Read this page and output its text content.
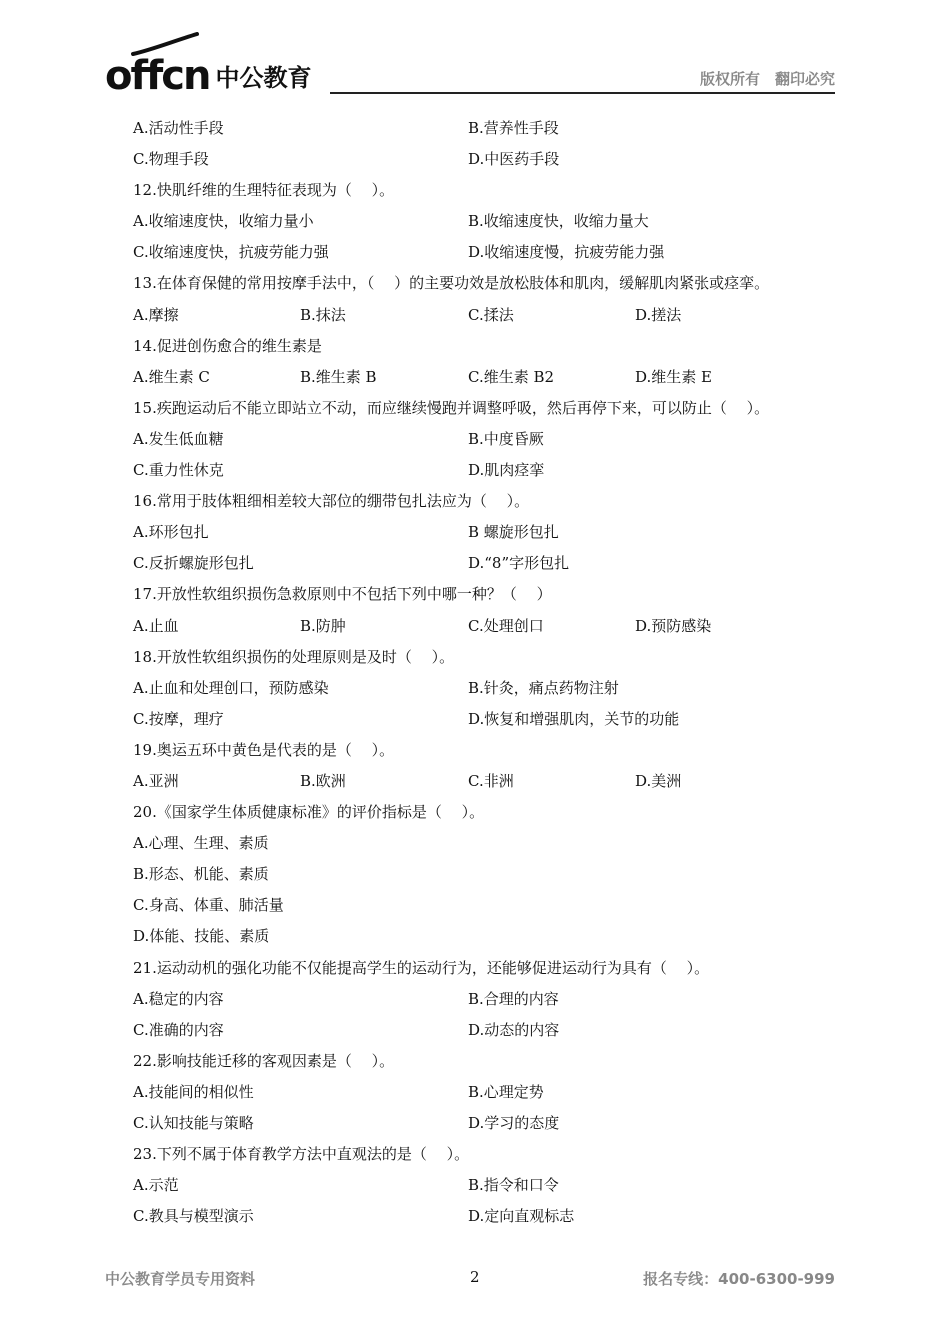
offcn 中公教育	版权所有　翻印必究
A.活动性手段	B.营养性手段
C.物理手段	D.中医药手段
12.快肌纤维的生理特征表现为（　 ）。
A.收缩速度快，收缩力量小	B.收缩速度快，收缩力量大
C.收缩速度快，抗疲劳能力强	D.收缩速度慢，抗疲劳能力强
13.在体育保健的常用按摩手法中，（　 ）的主要功效是放松肢体和肌肉，缓解肌肉紧张或痉挛。
A.摩擦	B.抹法	C.揉法	D.搓法
14.促进创伤愈合的维生素是
A.维生素 C	B.维生素 B	C.维生素 B2	D.维生素 E
15.疾跑运动后不能立即站立不动，而应继续慢跑并调整呼吸，然后再停下来，可以防止（　 ）。
A.发生低血糖	B.中度昏厥
C.重力性休克	D.肌肉痉挛
16.常用于肢体粗细相差较大部位的绷带包扎法应为（　 ）。
A.环形包扎	B 螺旋形包扎
C.反折螺旋形包扎	D.“8”字形包扎
17.开放性软组织损伤急救原则中不包括下列中哪一种？（　 ）
A.止血	B.防肿	C.处理创口	D.预防感染
18.开放性软组织损伤的处理原则是及时（　 ）。
A.止血和处理创口，预防感染	B.针灸，痛点药物注射
C.按摩，理疗	D.恢复和增强肌肉，关节的功能
19.奥运五环中黄色是代表的是（　 ）。
A.亚洲	B.欧洲	C.非洲	D.美洲
20.《国家学生体质健康标准》的评价指标是（　 ）。
A.心理、生理、素质
B.形态、机能、素质
C.身高、体重、肺活量
D.体能、技能、素质
21.运动动机的强化功能不仅能提高学生的运动行为，还能够促进运动行为具有（　 ）。
A.稳定的内容	B.合理的内容
C.准确的内容	D.动态的内容
22.影响技能迁移的客观因素是（　 ）。
A.技能间的相似性	B.心理定势
C.认知技能与策略	D.学习的态度
23.下列不属于体育教学方法中直观法的是（　 ）。
A.示范	B.指令和口令
C.教具与模型演示	D.定向直观标志
中公教育学员专用资料	2	报名专线：400-6300-999
